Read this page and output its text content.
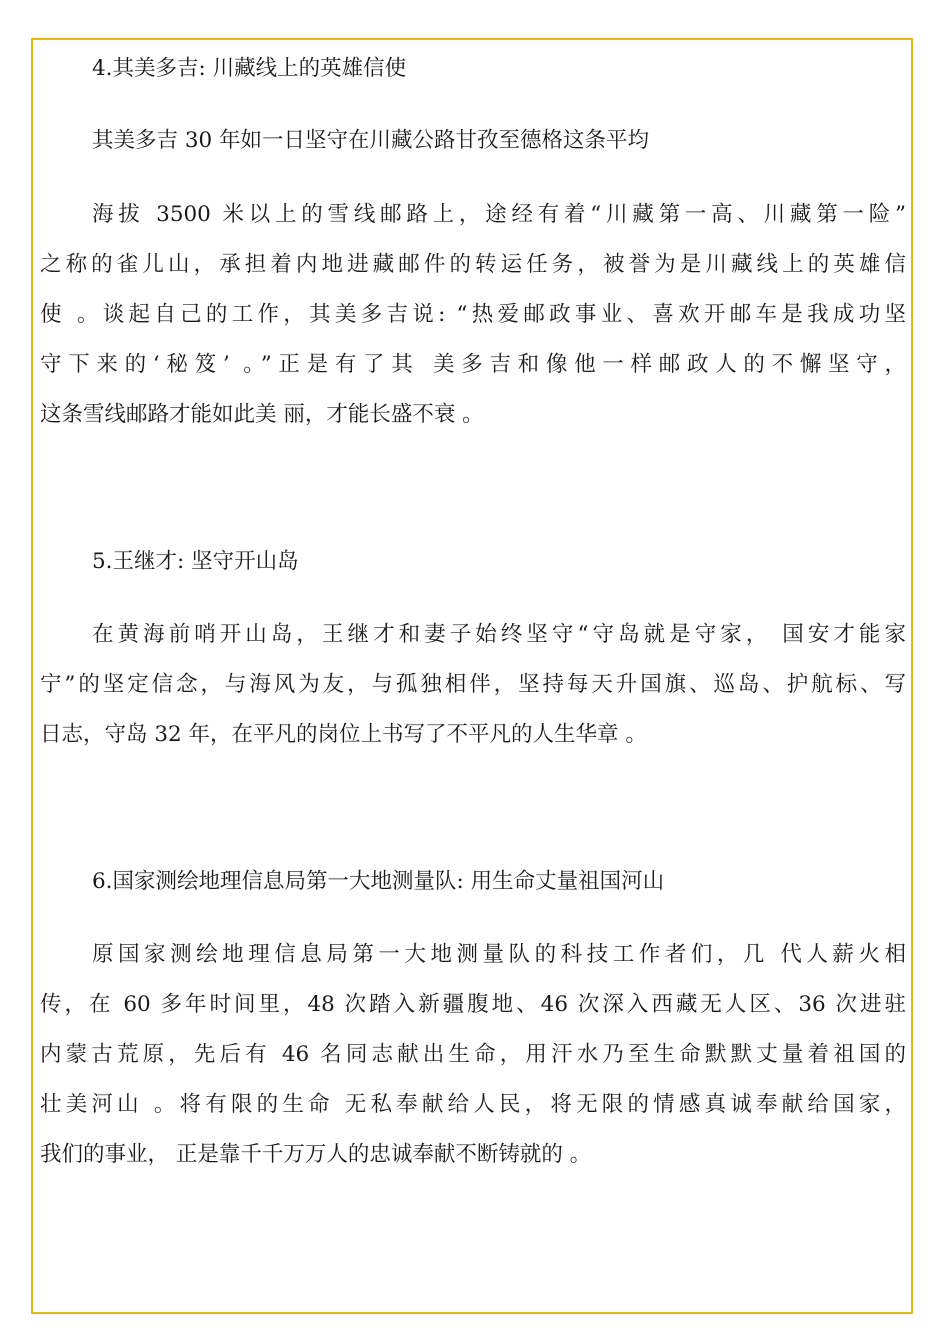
4.其美多吉: 川藏线上的英雄信使
其美多吉 30 年如一日坚守在川藏公路甘孜至德格这条平均
海拔 3500 米以上的雪线邮路上，途经有着“川藏第一高、川藏第一险”
之称的雀儿山，承担着内地进藏邮件的转运任务，被誉为是川藏线上的英雄信
使 。谈起自己的工作，其美多吉说: “热爱邮政事业、喜欢开邮车是我成功坚
守下来的‘秘笈’ 。”正是有了其 美多吉和像他一样邮政人的不懈坚守，
这条雪线邮路才能如此美 丽，才能长盛不衰 。
5.王继才: 坚守开山岛
在黄海前哨开山岛，王继才和妻子始终坚守“守岛就是守家， 国安才能家
宁”的坚定信念，与海风为友，与孤独相伴，坚持每天升国旗、巡岛、护航标、写
日志，守岛 32 年，在平凡的岗位上书写了不平凡的人生华章 。
6.国家测绘地理信息局第一大地测量队: 用生命丈量祖国河山
原国家测绘地理信息局第一大地测量队的科技工作者们，几 代人薪火相
传，在 60 多年时间里，48 次踏入新疆腹地、46 次深入西藏无人区、36 次进驻
内蒙古荒原，先后有 46 名同志献出生命，用汗水乃至生命默默丈量着祖国的
壮美河山 。将有限的生命 无私奉献给人民，将无限的情感真诚奉献给国家，
我们的事业， 正是靠千千万万人的忠诚奉献不断铸就的 。
